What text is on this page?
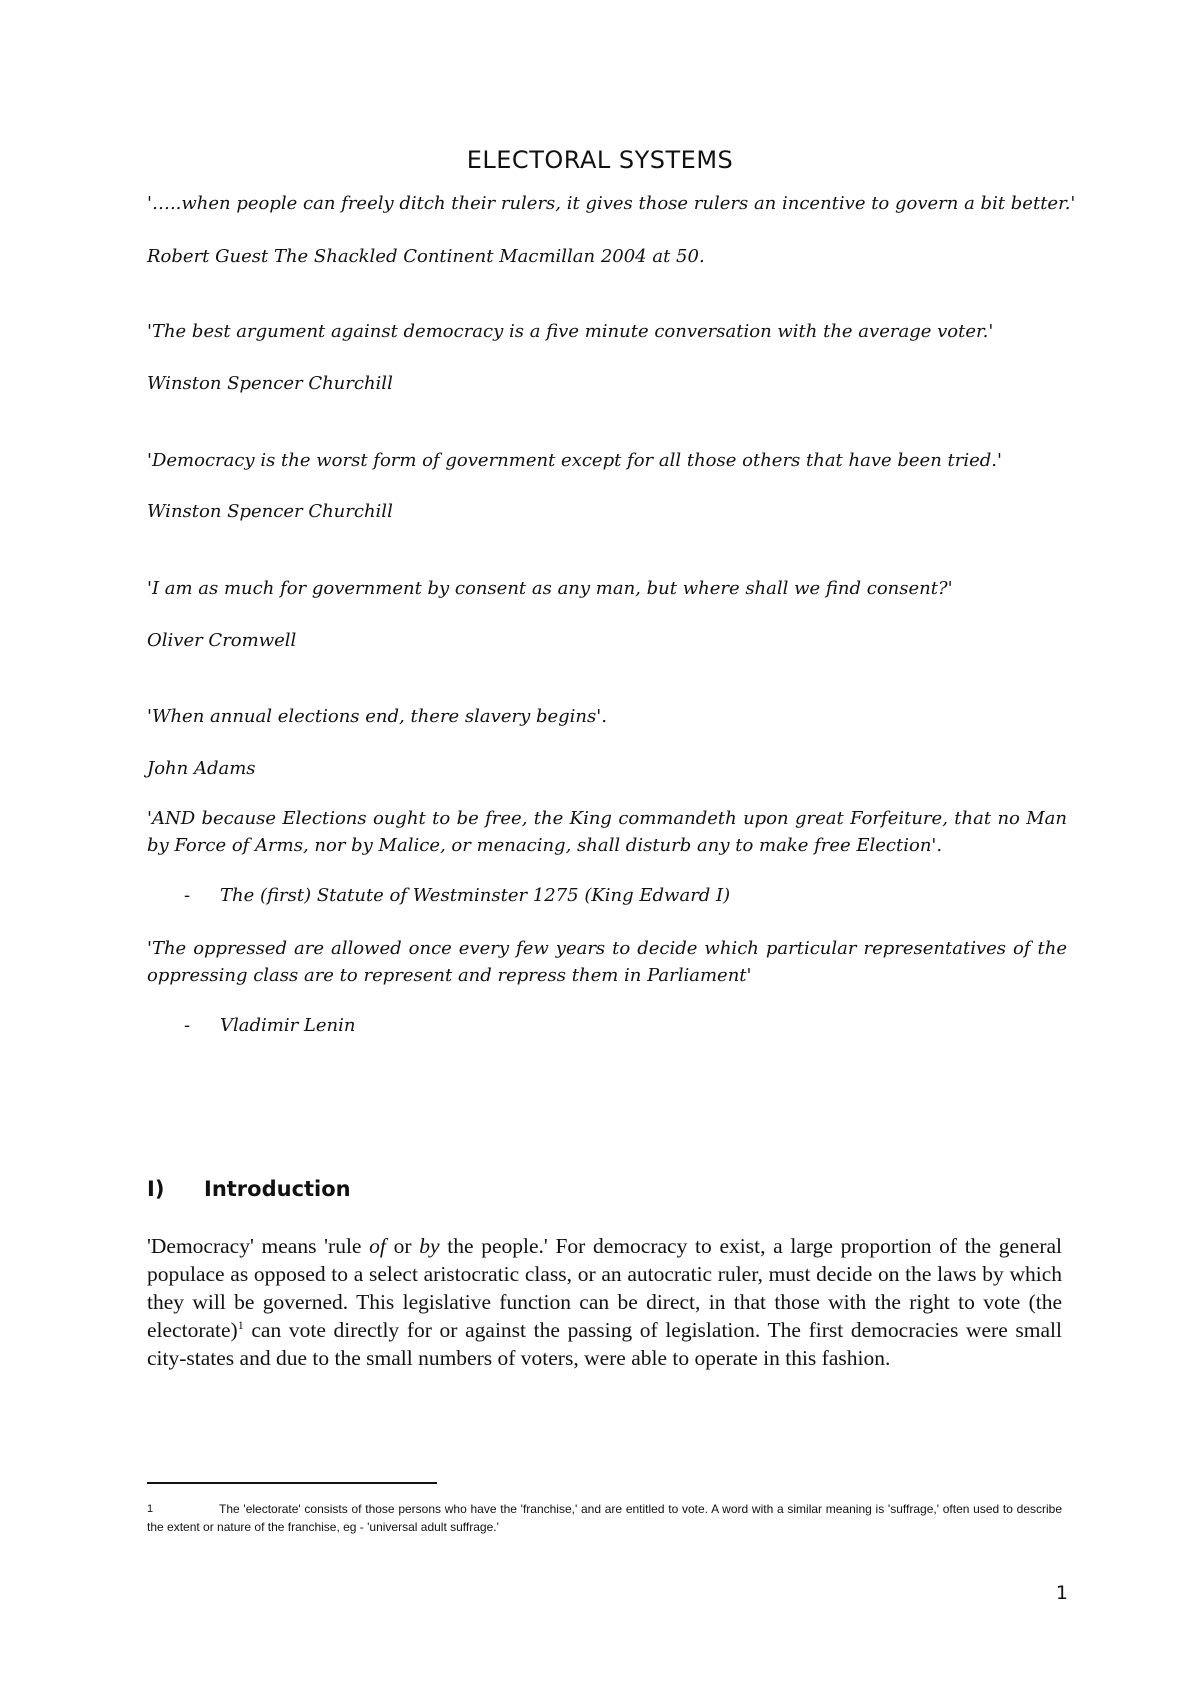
ELECTORAL SYSTEMS

'…..when people can freely ditch their rulers, it gives those rulers an incentive to govern a bit better.'

Robert Guest The Shackled Continent Macmillan 2004 at 50.

'The best argument against democracy is a five minute conversation with the average voter.'

Winston Spencer Churchill

'Democracy is the worst form of government except for all those others that have been tried.'

Winston Spencer Churchill

'I am as much for government by consent as any man, but where shall we find consent?'

Oliver Cromwell

'When annual elections end, there slavery begins'.

John Adams

'AND because Elections ought to be free, the King commandeth upon great Forfeiture, that no Man by Force of Arms, nor by Malice, or menacing, shall disturb any to make free Election'.

- The (first) Statute of Westminster 1275 (King Edward I)

'The oppressed are allowed once every few years to decide which particular representatives of the oppressing class are to represent and repress them in Parliament'

- Vladimir Lenin
I) Introduction

'Democracy' means 'rule of or by the people.' For democracy to exist, a large proportion of the general populace as opposed to a select aristocratic class, or an autocratic ruler, must decide on the laws by which they will be governed. This legislative function can be direct, in that those with the right to vote (the electorate)$^1$ can vote directly for or against the passing of legislation. The first democracies were small city-states and due to the small numbers of voters, were able to operate in this fashion.

1	The 'electorate' consists of those persons who have the 'franchise,' and are entitled to vote. A word with a similar meaning is 'suffrage,' often used to describe the extent or nature of the franchise, eg - 'universal adult suffrage.'

1
